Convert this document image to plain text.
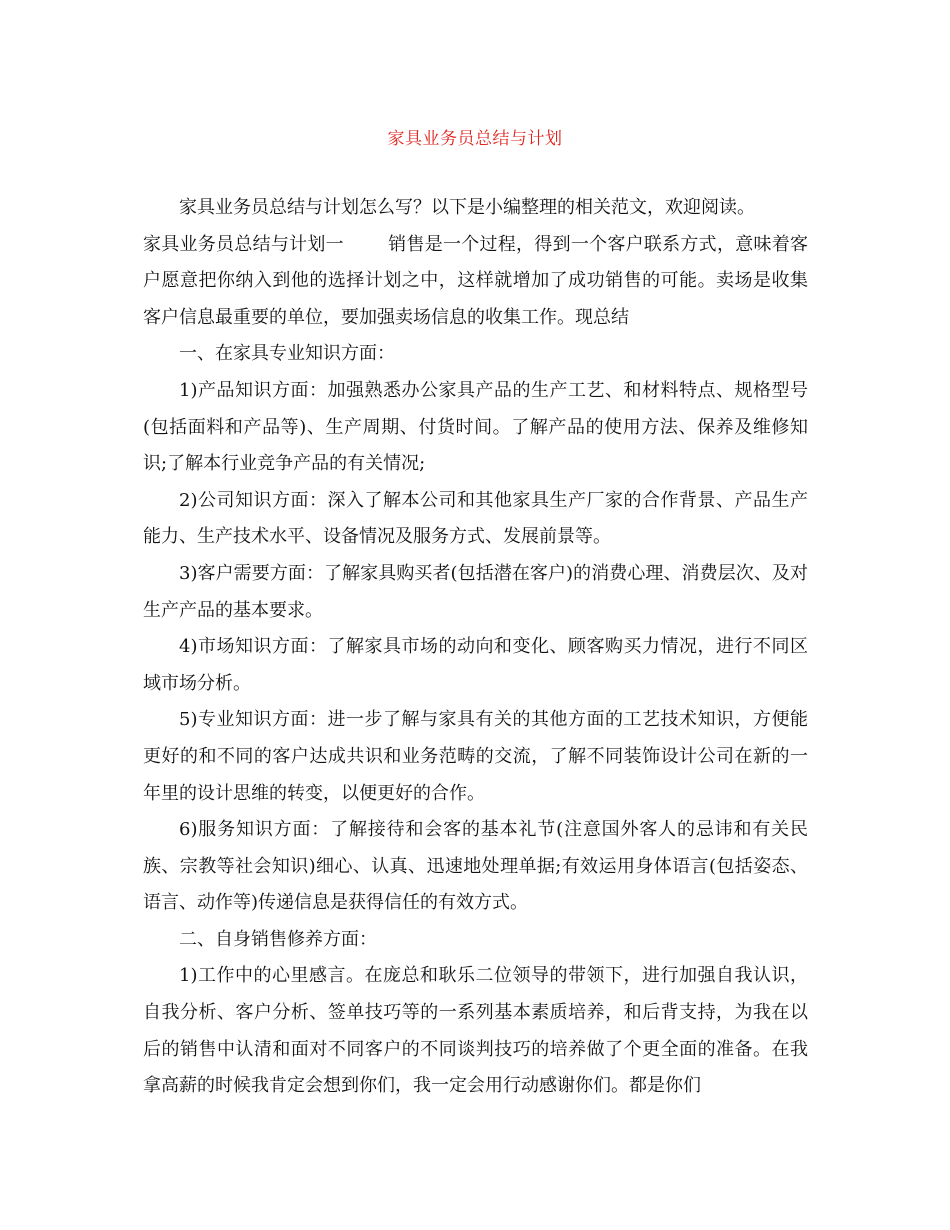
家具业务员总结与计划

家具业务员总结与计划怎么写？以下是小编整理的相关范文，欢迎阅读。

家具业务员总结与计划一 销售是一个过程，得到一个客户联系方式，意味着客户愿意把你纳入到他的选择计划之中，这样就增加了成功销售的可能。卖场是收集客户信息最重要的单位，要加强卖场信息的收集工作。现总结

一、在家具专业知识方面：

1)产品知识方面：加强熟悉办公家具产品的生产工艺、和材料特点、规格型号(包括面料和产品等)、生产周期、付货时间。了解产品的使用方法、保养及维修知识;了解本行业竞争产品的有关情况;

2)公司知识方面：深入了解本公司和其他家具生产厂家的合作背景、产品生产能力、生产技术水平、设备情况及服务方式、发展前景等。

3)客户需要方面：了解家具购买者(包括潜在客户)的消费心理、消费层次、及对生产产品的基本要求。

4)市场知识方面：了解家具市场的动向和变化、顾客购买力情况，进行不同区域市场分析。

5)专业知识方面：进一步了解与家具有关的其他方面的工艺技术知识，方便能更好的和不同的客户达成共识和业务范畴的交流，了解不同装饰设计公司在新的一年里的设计思维的转变，以便更好的合作。

6)服务知识方面：了解接待和会客的基本礼节(注意国外客人的忌讳和有关民族、宗教等社会知识)细心、认真、迅速地处理单据;有效运用身体语言(包括姿态、语言、动作等)传递信息是获得信任的有效方式。

二、自身销售修养方面：

1)工作中的心里感言。在庞总和耿乐二位领导的带领下，进行加强自我认识，自我分析、客户分析、签单技巧等的一系列基本素质培养，和后背支持，为我在以后的销售中认清和面对不同客户的不同谈判技巧的培养做了个更全面的准备。在我拿高薪的时候我肯定会想到你们，我一定会用行动感谢你们。都是你们
